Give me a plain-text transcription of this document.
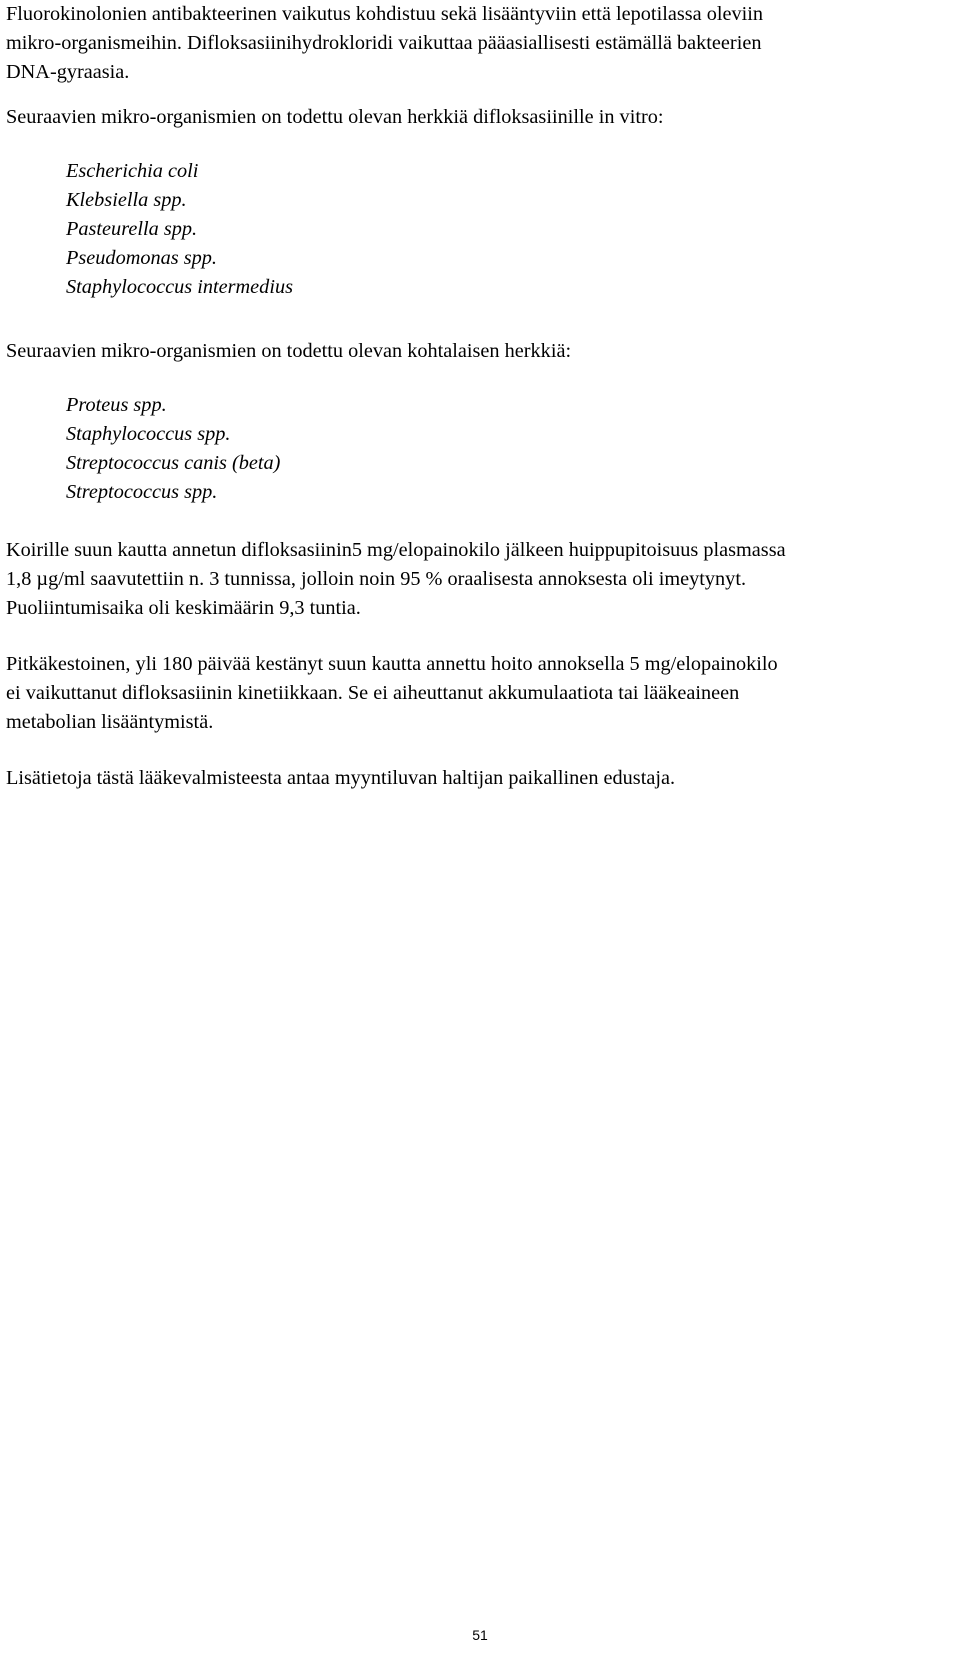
Fluorokinolonien antibakteerinen vaikutus kohdistuu sekä lisääntyviin että lepotilassa oleviin
mikro-organismeihin. Difloksasiinihydrokloridi vaikuttaa pääasiallisesti estämällä bakteerien
DNA-gyraasia.

Seuraavien mikro-organismien on todettu olevan herkkiä difloksasiinille in vitro:

Escherichia coli
Klebsiella spp.
Pasteurella spp.
Pseudomonas spp.
Staphylococcus intermedius

Seuraavien mikro-organismien on todettu olevan kohtalaisen herkkiä:

Proteus spp.
Staphylococcus spp.
Streptococcus canis (beta)
Streptococcus spp.

Koirille suun kautta annetun difloksasiinin5 mg/elopainokilo jälkeen huippupitoisuus plasmassa
1,8 µg/ml saavutettiin n. 3 tunnissa, jolloin noin 95 % oraalisesta annoksesta oli imeytynyt.
Puoliintumisaika oli keskimäärin 9,3 tuntia.

Pitkäkestoinen, yli 180 päivää kestänyt suun kautta annettu hoito annoksella 5 mg/elopainokilo
ei vaikuttanut difloksasiinin kinetiikkaan. Se ei aiheuttanut akkumulaatiota tai lääkeaineen
metabolian lisääntymistä.

Lisätietoja tästä lääkevalmisteesta antaa myyntiluvan haltijan paikallinen edustaja.

51
